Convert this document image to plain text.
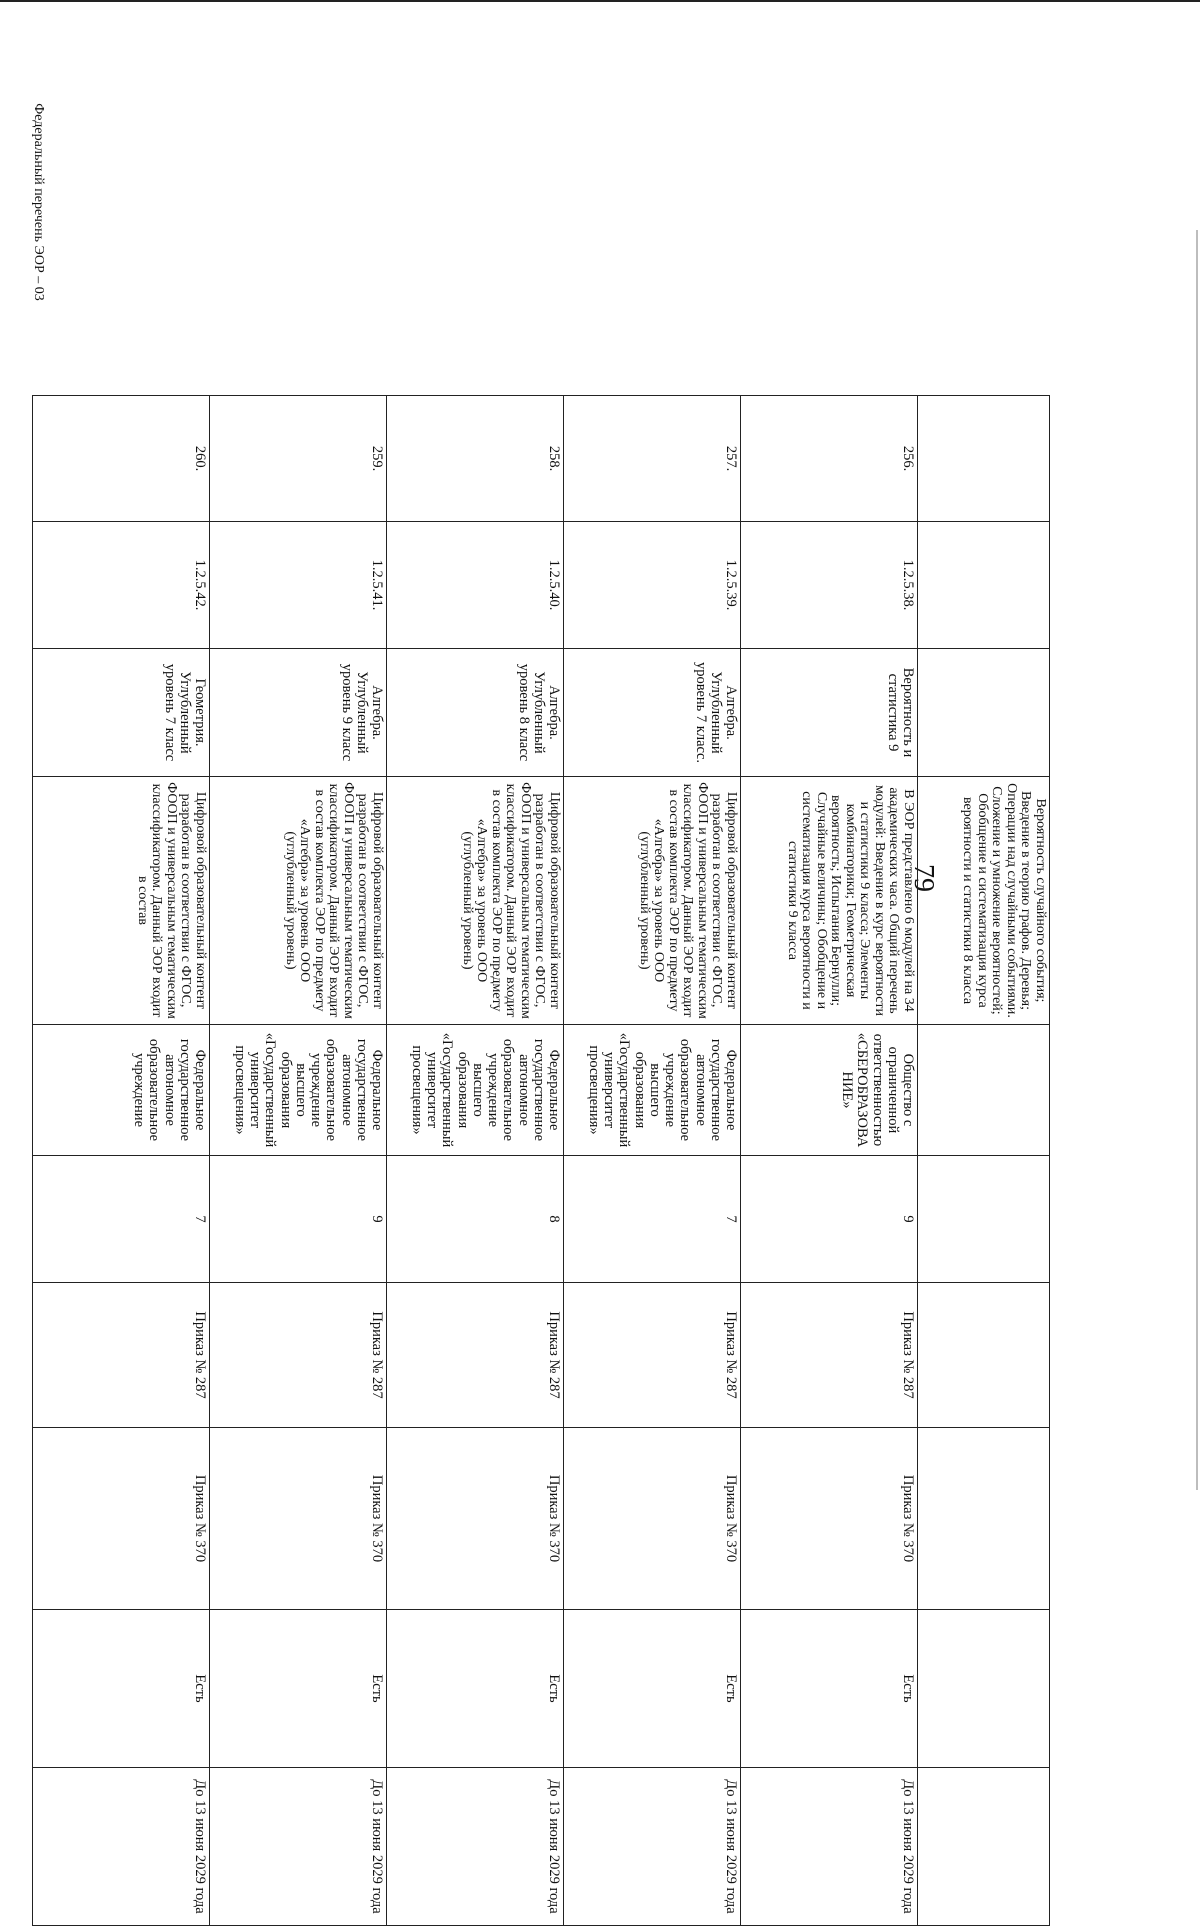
79
Федеральный перечень ЭОР – 03
			Вероятность случайного события; Введение в теорию графов. Деревья; Операции над случайными событиями. Сложение и умножение вероятностей; Обобщение и систематизация курса вероятности и статистики 8 класса						
256.	1.2.5.38.	Вероятность и статистика 9	В ЭОР представлено 6 модулей на 34 академических часа. Общий перечень модулей: Введение в курс вероятности и статистики 9 класса; Элементы комбинаторики; Геометрическая вероятность; Испытания Бернулли; Случайные величины; Обобщение и систематизация курса вероятности и статистики 9 класса	Общество с ограниченной ответственностью «СБЕРОБРАЗОВАНИЕ»	9	Приказ № 287	Приказ № 370	Есть	До 13 июня 2029 года
257.	1.2.5.39.	Алгебра. Углубленный уровень 7 класс.	Цифровой образовательный контент разработан в соответствии с ФГОС, ФООП и универсальным тематическим классификатором. Данный ЭОР входит в состав комплекта ЭОР по предмету «Алгебра» за уровень ООО (углубленный уровень)	Федеральное государственное автономное образовательное учреждение высшего образования «Государственный университет просвещения»	7	Приказ № 287	Приказ № 370	Есть	До 13 июня 2029 года
258.	1.2.5.40.	Алгебра. Углубленный уровень 8 класс	Цифровой образовательный контент разработан в соответствии с ФГОС, ФООП и универсальным тематическим классификатором. Данный ЭОР входит в состав комплекта ЭОР по предмету «Алгебра» за уровень ООО (углубленный уровень)	Федеральное государственное автономное образовательное учреждение высшего образования «Государственный университет просвещения»	8	Приказ № 287	Приказ № 370	Есть	До 13 июня 2029 года
259.	1.2.5.41.	Алгебра. Углубленный уровень 9 класс	Цифровой образовательный контент разработан в соответствии с ФГОС, ФООП и универсальным тематическим классификатором. Данный ЭОР входит в состав комплекта ЭОР по предмету «Алгебра» за уровень ООО (углубленный уровень)	Федеральное государственное автономное образовательное учреждение высшего образования «Государственный университет просвещения»	9	Приказ № 287	Приказ № 370	Есть	До 13 июня 2029 года
260.	1.2.5.42.	Геометрия. Углубленный уровень 7 класс	Цифровой образовательный контент разработан в соответствии с ФГОС, ФООП и универсальным тематическим классификатором. Данный ЭОР входит в состав	Федеральное государственное автономное образовательное учреждение	7	Приказ № 287	Приказ № 370	Есть	До 13 июня 2029 года
